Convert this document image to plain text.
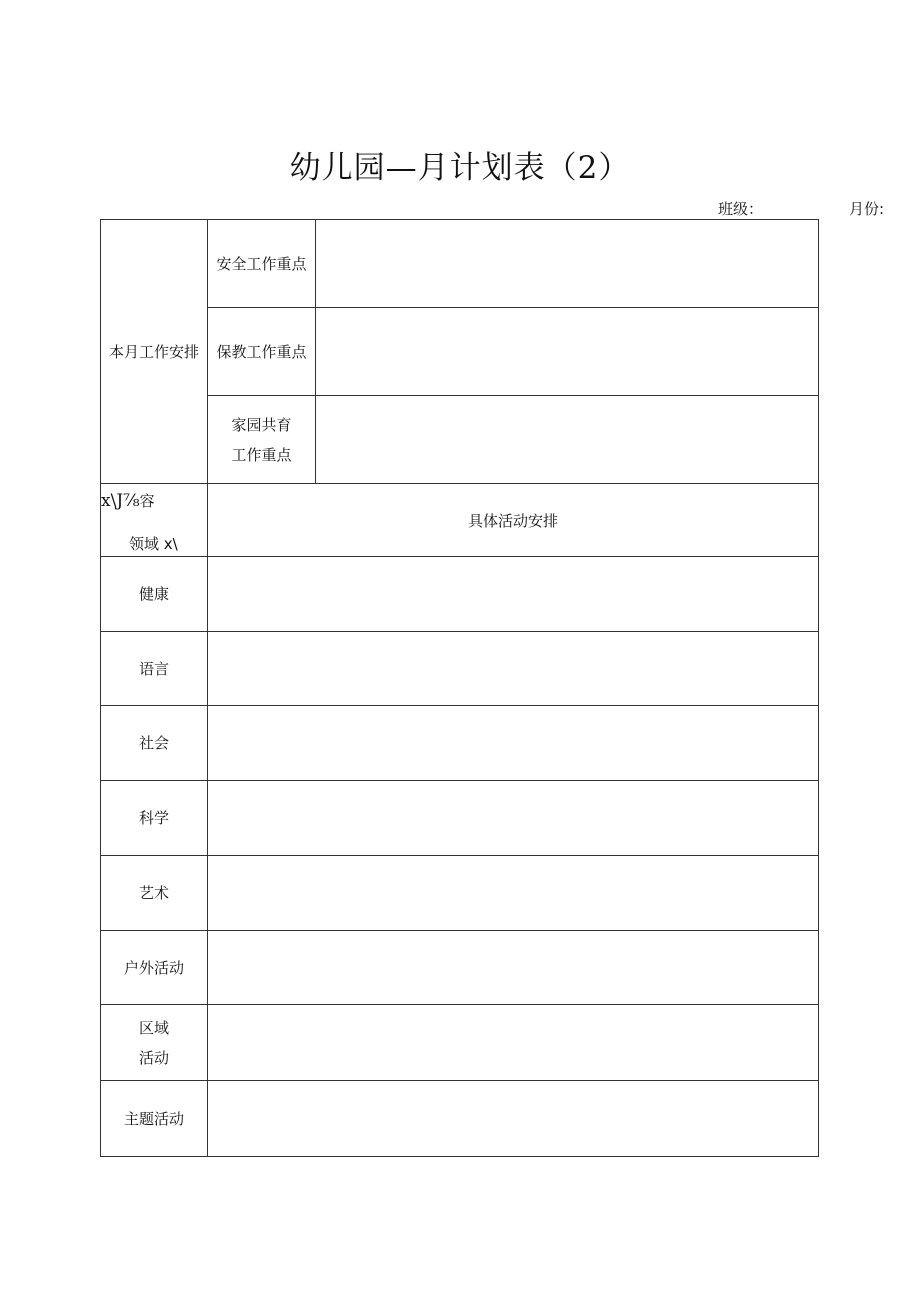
幼儿园—月计划表（2）
班级：	月份:
本月工作安排	安全工作重点	

	保教工作重点	

	家园共育
工作重点	

x\J⅞容
领域 x\	具体活动安排	

健康		

语言		

社会		

科学		

艺术		

户外活动		

区域
活动		

主题活动		
